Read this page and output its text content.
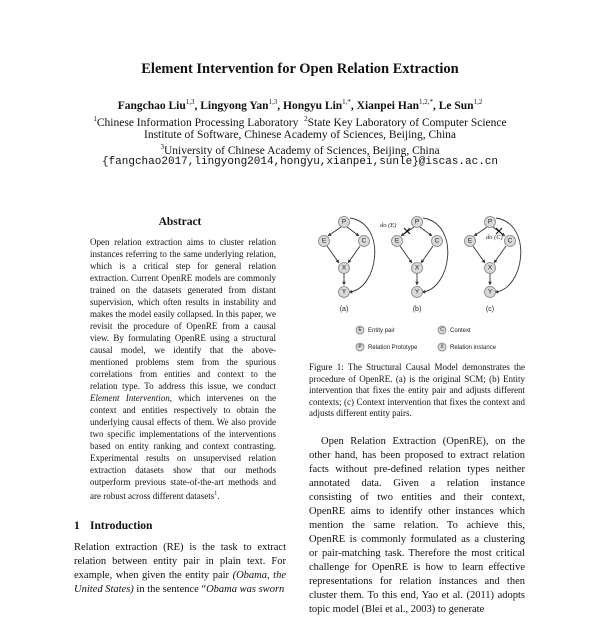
Element Intervention for Open Relation Extraction
Fangchao Liu$^{1,3}$, Lingyong Yan$^{1,3}$, Hongyu Lin$^{1,*}$, Xianpei Han$^{1,2,*}$, Le Sun$^{1,2}$
$^1$Chinese Information Processing Laboratory $^2$State Key Laboratory of Computer Science
Institute of Software, Chinese Academy of Sciences, Beijing, China
$^3$University of Chinese Academy of Sciences, Beijing, China
{fangchao2017,lingyong2014,hongyu,xianpei,sunle}@iscas.ac.cn
Abstract
Open relation extraction aims to cluster relation instances referring to the same underlying relation, which is a critical step for general relation extraction. Current OpenRE models are commonly trained on the datasets generated from distant supervision, which often results in instability and makes the model easily collapsed. In this paper, we revisit the procedure of OpenRE from a causal view. By formulating OpenRE using a structural causal model, we identify that the above-mentioned problems stem from the spurious correlations from entities and context to the relation type. To address this issue, we conduct Element Intervention, which intervenes on the context and entities respectively to obtain the underlying causal effects of them. We also provide two specific implementations of the interventions based on entity ranking and context contrasting. Experimental results on unsupervised relation extraction datasets show that our methods outperform previous state-of-the-art methods and are robust across different datasets$^1$.
1 Introduction
Relation extraction (RE) is the task to extract relation between entity pair in plain text. For example, when given the entity pair (Obama, the United States) in the sentence “Obama was sworn
P
E	C
X
Y
(a)
do (E)	P
E	C
X
Y
(b)
do (C)
P
E	C
X
Y
(c)
E Entity pair	C Context
P Relation Prototype	X Relation instance
Figure 1: The Structural Causal Model demonstrates the procedure of OpenRE. (a) is the original SCM; (b) Entity intervention that fixes the entity pair and adjusts different contexts; (c) Context intervention that fixes the context and adjusts different entity pairs.
Open Relation Extraction (OpenRE), on the other hand, has been proposed to extract relation facts without pre-defined relation types neither annotated data. Given a relation instance consisting of two entities and their context, OpenRE aims to identify other instances which mention the same relation. To achieve this, OpenRE is commonly formulated as a clustering or pair-matching task. Therefore the most critical challenge for OpenRE is how to learn effective representations for relation instances and then cluster them. To this end, Yao et al. (2011) adopts topic model (Blei et al., 2003) to generate
